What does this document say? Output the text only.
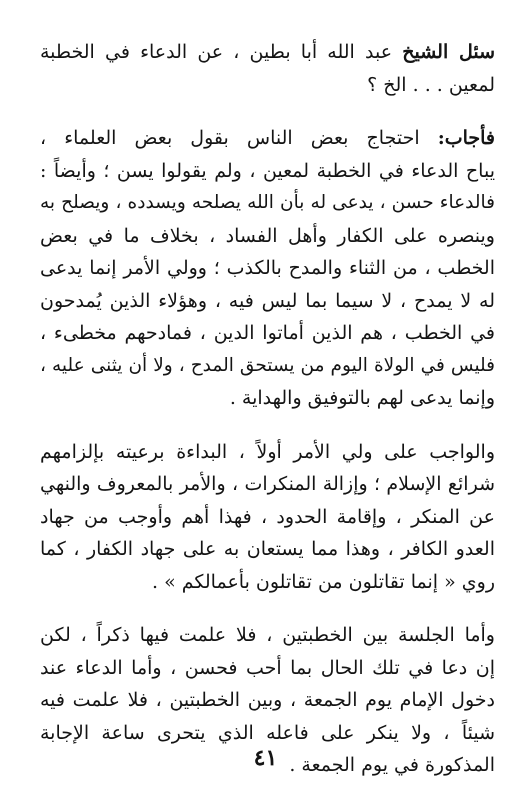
سئل الشيخ عبد الله أبا بطين ، عن الدعاء في الخطبة
لمعين . . . الخ ؟
فأجاب: احتجاج بعض الناس بقول بعض العلماء ،
يباح الدعاء في الخطبة لمعين ، ولم يقولوا يسن ؛ وأيضاً :
فالدعاء حسن ، يدعى له بأن الله يصلحه ويسدده ، ويصلح به
وينصره على الكفار وأهل الفساد ، بخلاف ما في بعض
الخطب ، من الثناء والمدح بالكذب ؛ وولي الأمر إنما يدعى
له لا يمدح ، لا سيما بما ليس فيه ، وهؤلاء الذين يُمدحون
في الخطب ، هم الذين أماتوا الدين ، فمادحهم مخطىء ،
فليس في الولاة اليوم من يستحق المدح ، ولا أن يثنى عليه ،
وإنما يدعى لهم بالتوفيق والهداية .
والواجب على ولي الأمر أولاً ، البداءة برعيته بإلزامهم
شرائع الإسلام ؛ وإزالة المنكرات ، والأمر بالمعروف والنهي
عن المنكر ، وإقامة الحدود ، فهذا أهم وأوجب من جهاد
العدو الكافر ، وهذا مما يستعان به على جهاد الكفار ، كما
روي « إنما تقاتلون من تقاتلون بأعمالكم » .
وأما الجلسة بين الخطبتين ، فلا علمت فيها ذكراً ، لكن
إن دعا في تلك الحال بما أحب فحسن ، وأما الدعاء عند
دخول الإمام يوم الجمعة ، وبين الخطبتين ، فلا علمت فيه
شيئاً ، ولا ينكر على فاعله الذي يتحرى ساعة الإجابة
المذكورة في يوم الجمعة .
٤١
